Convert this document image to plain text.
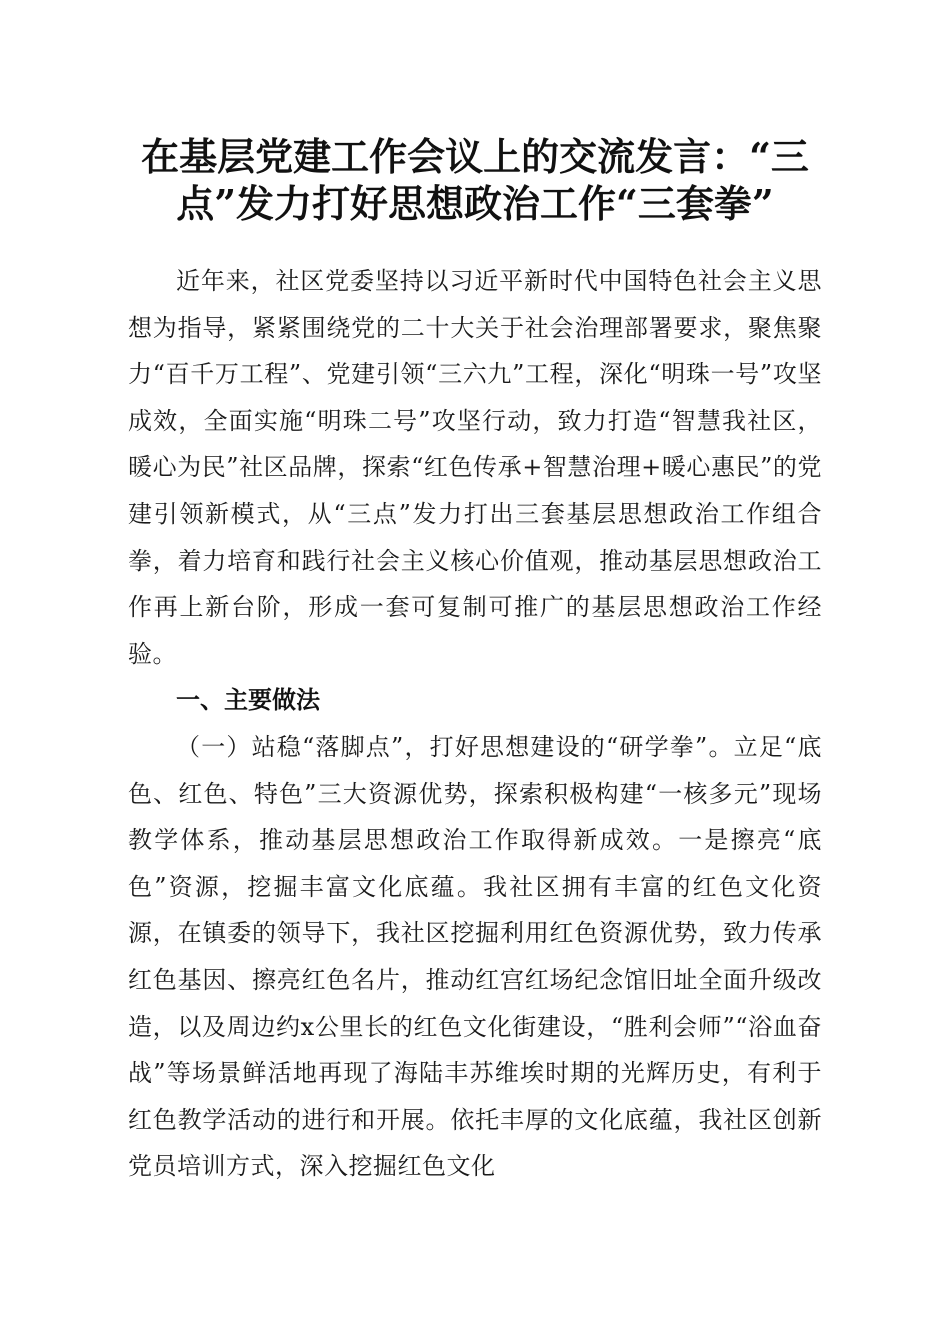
在基层党建工作会议上的交流发言：“三点”发力打好思想政治工作“三套拳”

近年来，社区党委坚持以习近平新时代中国特色社会主义思想为指导，紧紧围绕党的二十大关于社会治理部署要求，聚焦聚力“百千万工程”、党建引领“三六九”工程，深化“明珠一号”攻坚成效，全面实施“明珠二号”攻坚行动，致力打造“智慧我社区，暖心为民”社区品牌，探索“红色传承+智慧治理+暖心惠民”的党建引领新模式，从“三点”发力打出三套基层思想政治工作组合拳，着力培育和践行社会主义核心价值观，推动基层思想政治工作再上新台阶，形成一套可复制可推广的基层思想政治工作经验。

一、主要做法

（一）站稳“落脚点”，打好思想建设的“研学拳”。立足“底色、红色、特色”三大资源优势，探索积极构建“一核多元”现场教学体系，推动基层思想政治工作取得新成效。一是擦亮“底色”资源，挖掘丰富文化底蕴。我社区拥有丰富的红色文化资源，在镇委的领导下，我社区挖掘利用红色资源优势，致力传承红色基因、擦亮红色名片，推动红宫红场纪念馆旧址全面升级改造，以及周边约x公里长的红色文化街建设，“胜利会师”“浴血奋战”等场景鲜活地再现了海陆丰苏维埃时期的光辉历史，有利于红色教学活动的进行和开展。依托丰厚的文化底蕴，我社区创新党员培训方式，深入挖掘红色文化
